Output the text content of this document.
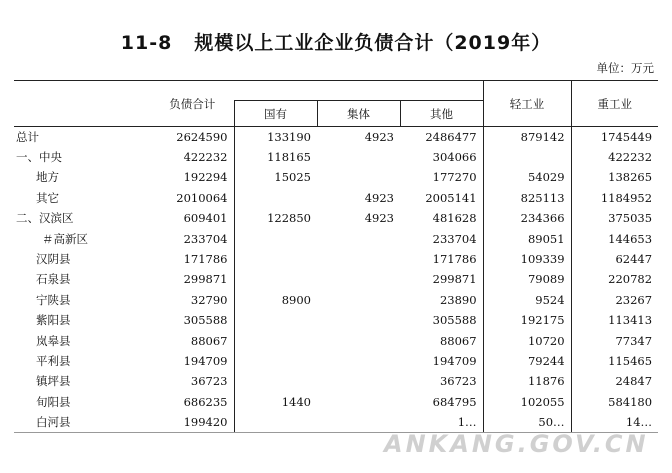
11-8 规模以上工业企业负债合计（2019年）
单位：万元
	负债合计				轻工业	重工业
		国有	集体	其他		
总计	2624590	133190	4923	2486477	879142	1745449
一、中央	422232	118165		304066		422232
地方	192294	15025		177270	54029	138265
其它	2010064		4923	2005141	825113	1184952
二、汉滨区	609401	122850	4923	481628	234366	375035
＃高新区	233704			233704	89051	144653
汉阴县	171786			171786	109339	62447
石泉县	299871			299871	79089	220782
宁陕县	32790	8900		23890	9524	23267
紫阳县	305588			305588	192175	113413
岚皋县	88067			88067	10720	77347
平利县	194709			194709	79244	115465
镇坪县	36723			36723	11876	24847
旬阳县	686235	1440		684795	102055	584180
白河县	199420			1…	50…	14…
ANKANG.GOV.CN
